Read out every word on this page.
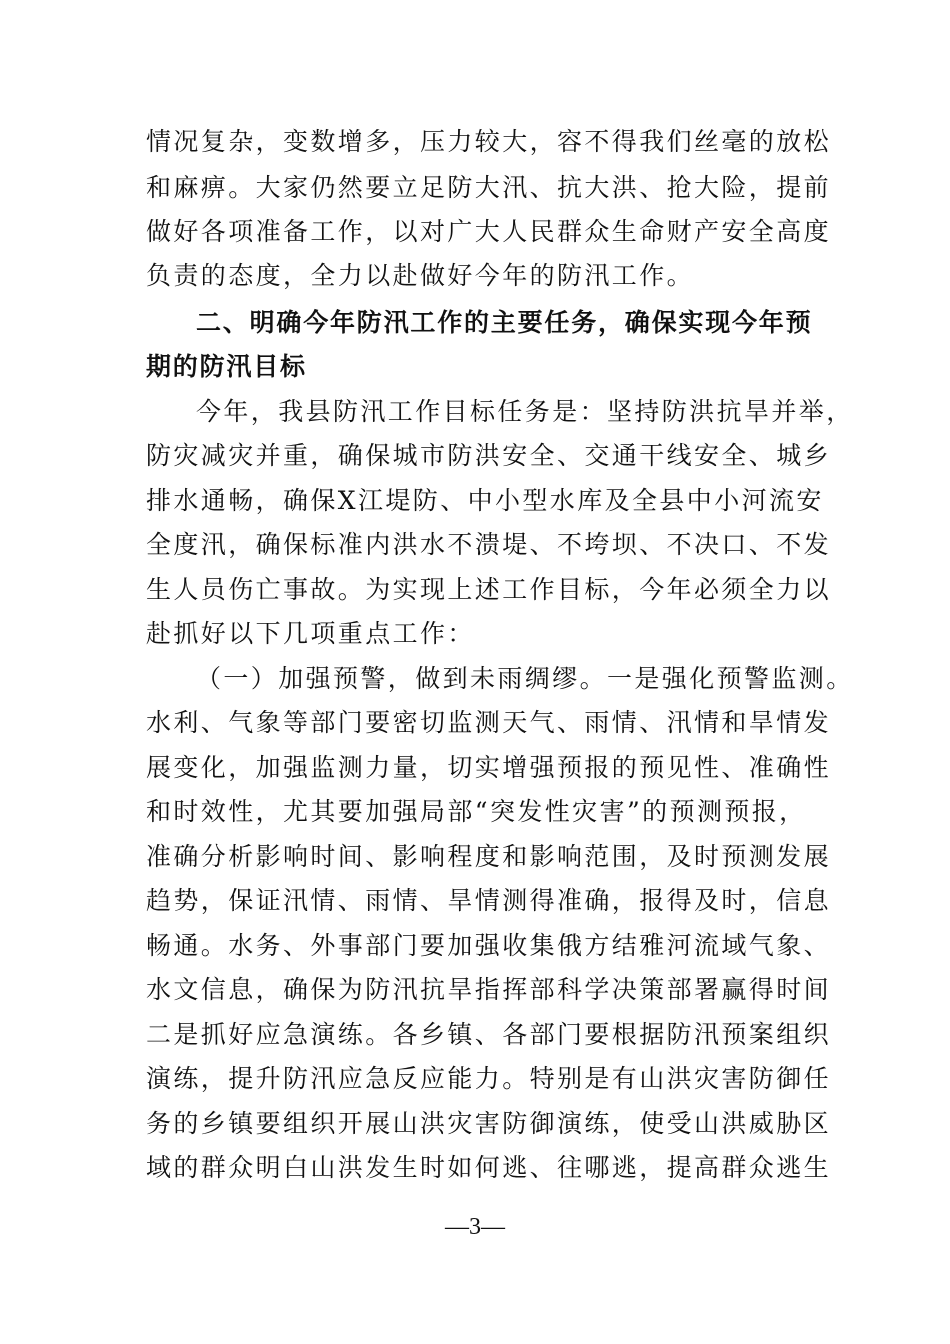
情况复杂，变数增多，压力较大，容不得我们丝毫的放松
和麻痹。大家仍然要立足防大汛、抗大洪、抢大险，提前
做好各项准备工作，以对广大人民群众生命财产安全高度
负责的态度，全力以赴做好今年的防汛工作。
二、明确今年防汛工作的主要任务，确保实现今年预
期的防汛目标
今年，我县防汛工作目标任务是：坚持防洪抗旱并举，
防灾减灾并重，确保城市防洪安全、交通干线安全、城乡
排水通畅，确保X江堤防、中小型水库及全县中小河流安
全度汛，确保标准内洪水不溃堤、不垮坝、不决口、不发
生人员伤亡事故。为实现上述工作目标，今年必须全力以
赴抓好以下几项重点工作：
（一）加强预警，做到未雨绸缪。一是强化预警监测。
水利、气象等部门要密切监测天气、雨情、汛情和旱情发
展变化，加强监测力量，切实增强预报的预见性、准确性
和时效性，尤其要加强局部“突发性灾害”的预测预报，
准确分析影响时间、影响程度和影响范围，及时预测发展
趋势，保证汛情、雨情、旱情测得准确，报得及时，信息
畅通。水务、外事部门要加强收集俄方结雅河流域气象、
水文信息，确保为防汛抗旱指挥部科学决策部署赢得时间
二是抓好应急演练。各乡镇、各部门要根据防汛预案组织
演练，提升防汛应急反应能力。特别是有山洪灾害防御任
务的乡镇要组织开展山洪灾害防御演练，使受山洪威胁区
域的群众明白山洪发生时如何逃、往哪逃，提高群众逃生
—3—
